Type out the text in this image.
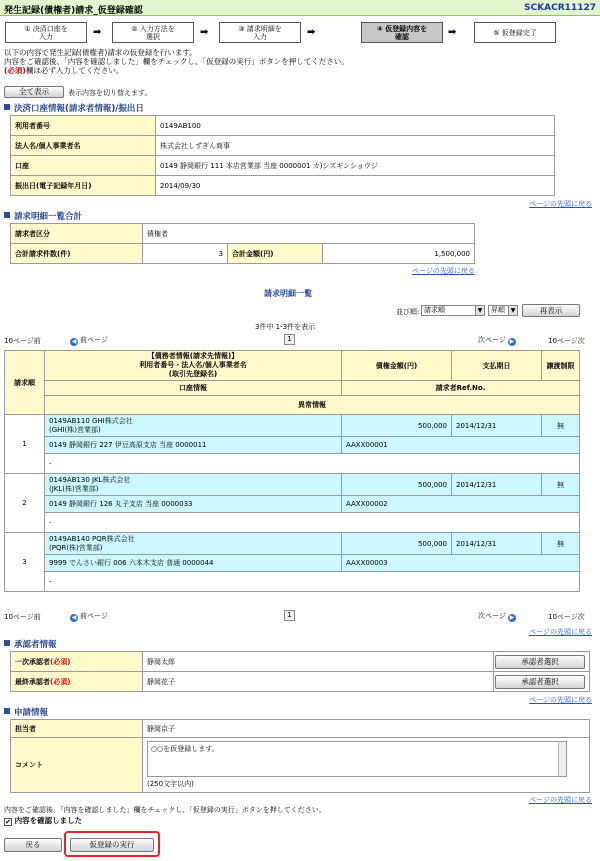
発生記録(債権者)請求_仮登録確認	SCKACR11127
① 決済口座を
入力	➡	② 入力方法を
選択	➡	③ 請求明細を
入力	➡	④ 仮登録内容を
確認	➡	⑤ 仮登録完了
以下の内容で発生記録(債権者)請求の仮登録を行います。
内容をご確認後、「内容を確認しました」欄をチェックし、「仮登録の実行」ボタンを押してください。
(必須)欄は必ず入力してください。
全て表示	表示内容を切り替えます。
決済口座情報(請求者情報)/振出日
利用者番号	0149AB100
法人名/個人事業者名	株式会社しずぎん商事
口座	0149 静岡銀行 111 本店営業部 当座 0000001 カ)シズギンショウジ
振出日(電子記録年月日)	2014/09/30
ページの先頭に戻る
請求明細一覧合計
請求者区分	債権者		
合計請求件数(件)	3	合計金額(円)	1,500,000
ページの先頭に戻る
請求明細一覧
並び順: 請求順	▼	昇順 ▼	再表示
3件中 1-3件を表示
10ページ前	◀ 前ページ	1	次ページ ▶	10ページ次
請求順	【債務者情報(請求先情報)】
利用者番号・法人名/個人事業者名
(取引先登録名)	債権金額(円)	支払期日	譲渡制限
	口座情報	請求者Ref.No.		
	異常情報			
1	0149AB110 GHI株式会社
(GHI(株)営業部)	500,000	2014/12/31	無
	0149 静岡銀行 227 伊豆高原支店 当座 0000011	AAXX00001		
	-			
2	0149AB130 JKL株式会社
(JKL(株)営業部)	500,000	2014/12/31	無
	0149 静岡銀行 126 丸子支店 当座 0000033	AAXX00002		
	-			
3	0149AB140 PQR株式会社
(PQR(株)営業部)	500,000	2014/12/31	無
	9999 でんさい銀行 006 六本木支店 普通 0000044	AAXX00003		
	-			
10ページ前	◀ 前ページ	1	次ページ ▶	10ページ次
ページの先頭に戻る
承認者情報
一次承認者(必須)	静岡太郎	承認者選択

最終承認者(必須)	静岡花子	承認者選択
ページの先頭に戻る
申請情報
担当者	静岡京子
コメント	○○を仮登録します。
(250文字以内)
ページの先頭に戻る
内容をご確認後、「内容を確認しました」欄をチェックし、「仮登録の実行」ボタンを押してください。
✔ 内容を確認しました
戻る	仮登録の実行
